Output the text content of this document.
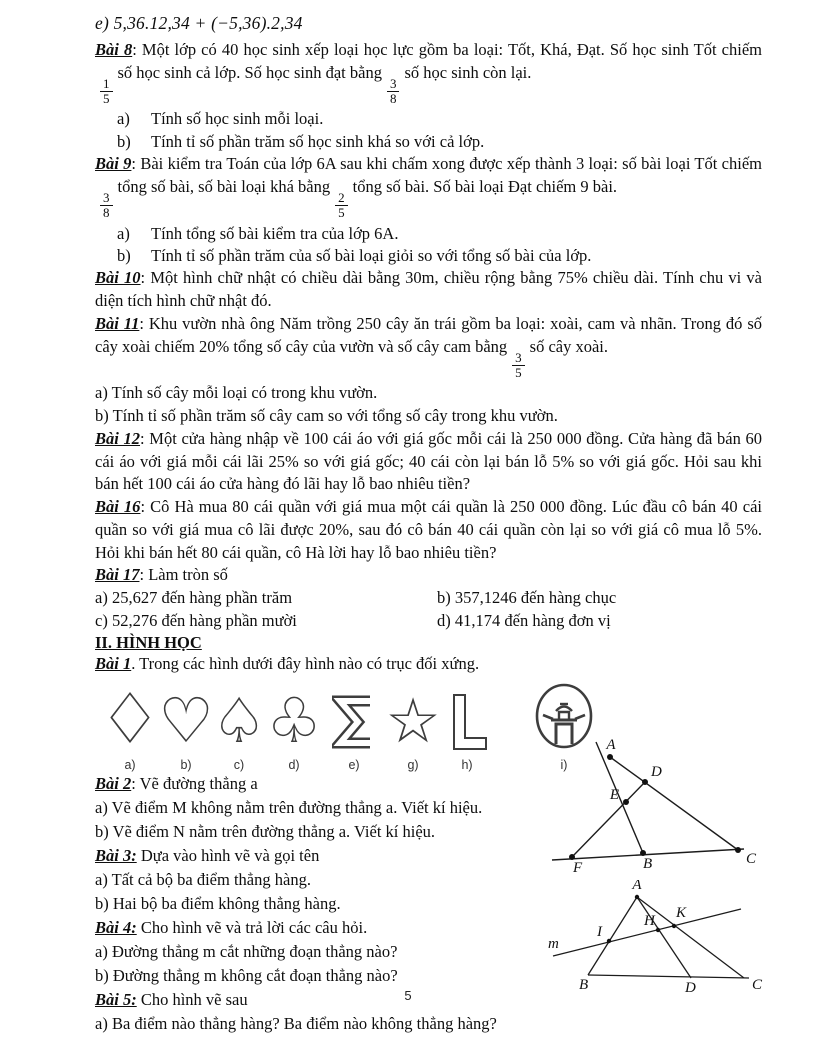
e) 5,36.12,34 + (−5,36).2,34

Bài 8: Một lớp có 40 học sinh xếp loại học lực gồm ba loại: Tốt, Khá, Đạt. Số học sinh Tốt chiếm
$\frac{1}{5}$
số học sinh cả lớp. Số học sinh đạt bằng
$\frac{3}{8}$
số học sinh còn lại.

a)	Tính số học sinh mỗi loại.
b)	Tính tỉ số phần trăm số học sinh khá so với cả lớp.

Bài 9: Bài kiểm tra Toán của lớp 6A sau khi chấm xong được xếp thành 3 loại: số bài loại Tốt chiếm
$\frac{3}{8}$
tổng số bài, số bài loại khá bằng
$\frac{2}{5}$
tổng số bài. Số bài loại Đạt chiếm 9 bài.

a)	Tính tổng số bài kiểm tra của lớp 6A.
b)	Tính tỉ số phần trăm của số bài loại giỏi so với tổng số bài của lớp.

Bài 10: Một hình chữ nhật có chiều dài bằng 30m, chiều rộng bằng 75% chiều dài. Tính chu vi và diện tích hình chữ nhật đó.

Bài 11: Khu vườn nhà ông Năm trồng 250 cây ăn trái gồm ba loại: xoài, cam và nhãn. Trong đó số cây xoài chiếm 20% tổng số cây của vườn và số cây cam bằng
$\frac{3}{5}$
số cây xoài.

a) Tính số cây mỗi loại có trong khu vườn.

b) Tính tỉ số phần trăm số cây cam so với tổng số cây trong khu vườn.

Bài 12: Một cửa hàng nhập về 100 cái áo với giá gốc mỗi cái là 250 000 đồng. Cửa hàng đã bán 60 cái áo với giá mỗi cái lãi 25% so với giá gốc; 40 cái còn lại bán lỗ 5% so với giá gốc. Hỏi sau khi bán hết 100 cái áo cửa hàng đó lãi hay lỗ bao nhiêu tiền?

Bài 16: Cô Hà mua 80 cái quần với giá mua một cái quần là 250 000 đồng. Lúc đầu cô bán 40 cái quần so với giá mua cô lãi được 20%, sau đó cô bán 40 cái quần còn lại so với giá cô mua lỗ 5%. Hỏi khi bán hết 80 cái quần, cô Hà lời hay lỗ bao nhiêu tiền?

Bài 17: Làm tròn số

a) 25,627 đến hàng phần trăm	b) 357,1246 đến hàng chục
c) 52,276 đến hàng phần mười	d) 41,174 đến hàng đơn vị

II. HÌNH HỌC

Bài 1. Trong các hình dưới đây hình nào có trục đối xứng.

♢
a)
♡
b)
♤
c)
♧
d)	e)
☆
g)	h)	i)

Bài 2: Vẽ đường thẳng a

a) Vẽ điểm M không nằm trên đường thẳng a. Viết kí hiệu.

b) Vẽ điểm N nằm trên đường thẳng a. Viết kí hiệu.

Bài 3: Dựa vào hình vẽ và gọi tên

a) Tất cả bộ ba điểm thẳng hàng.

b) Hai bộ ba điểm không thẳng hàng.

Bài 4: Cho hình vẽ và trả lời các câu hỏi.

a) Đường thẳng m cắt những đoạn thẳng nào?

b) Đường thẳng m không cắt đoạn thẳng nào?

Bài 5: Cho hình vẽ sau

a) Ba điểm nào thẳng hàng? Ba điểm nào không thẳng hàng?

A
D
E
F	B	C
A
B	C
D
I
H K
m
5
